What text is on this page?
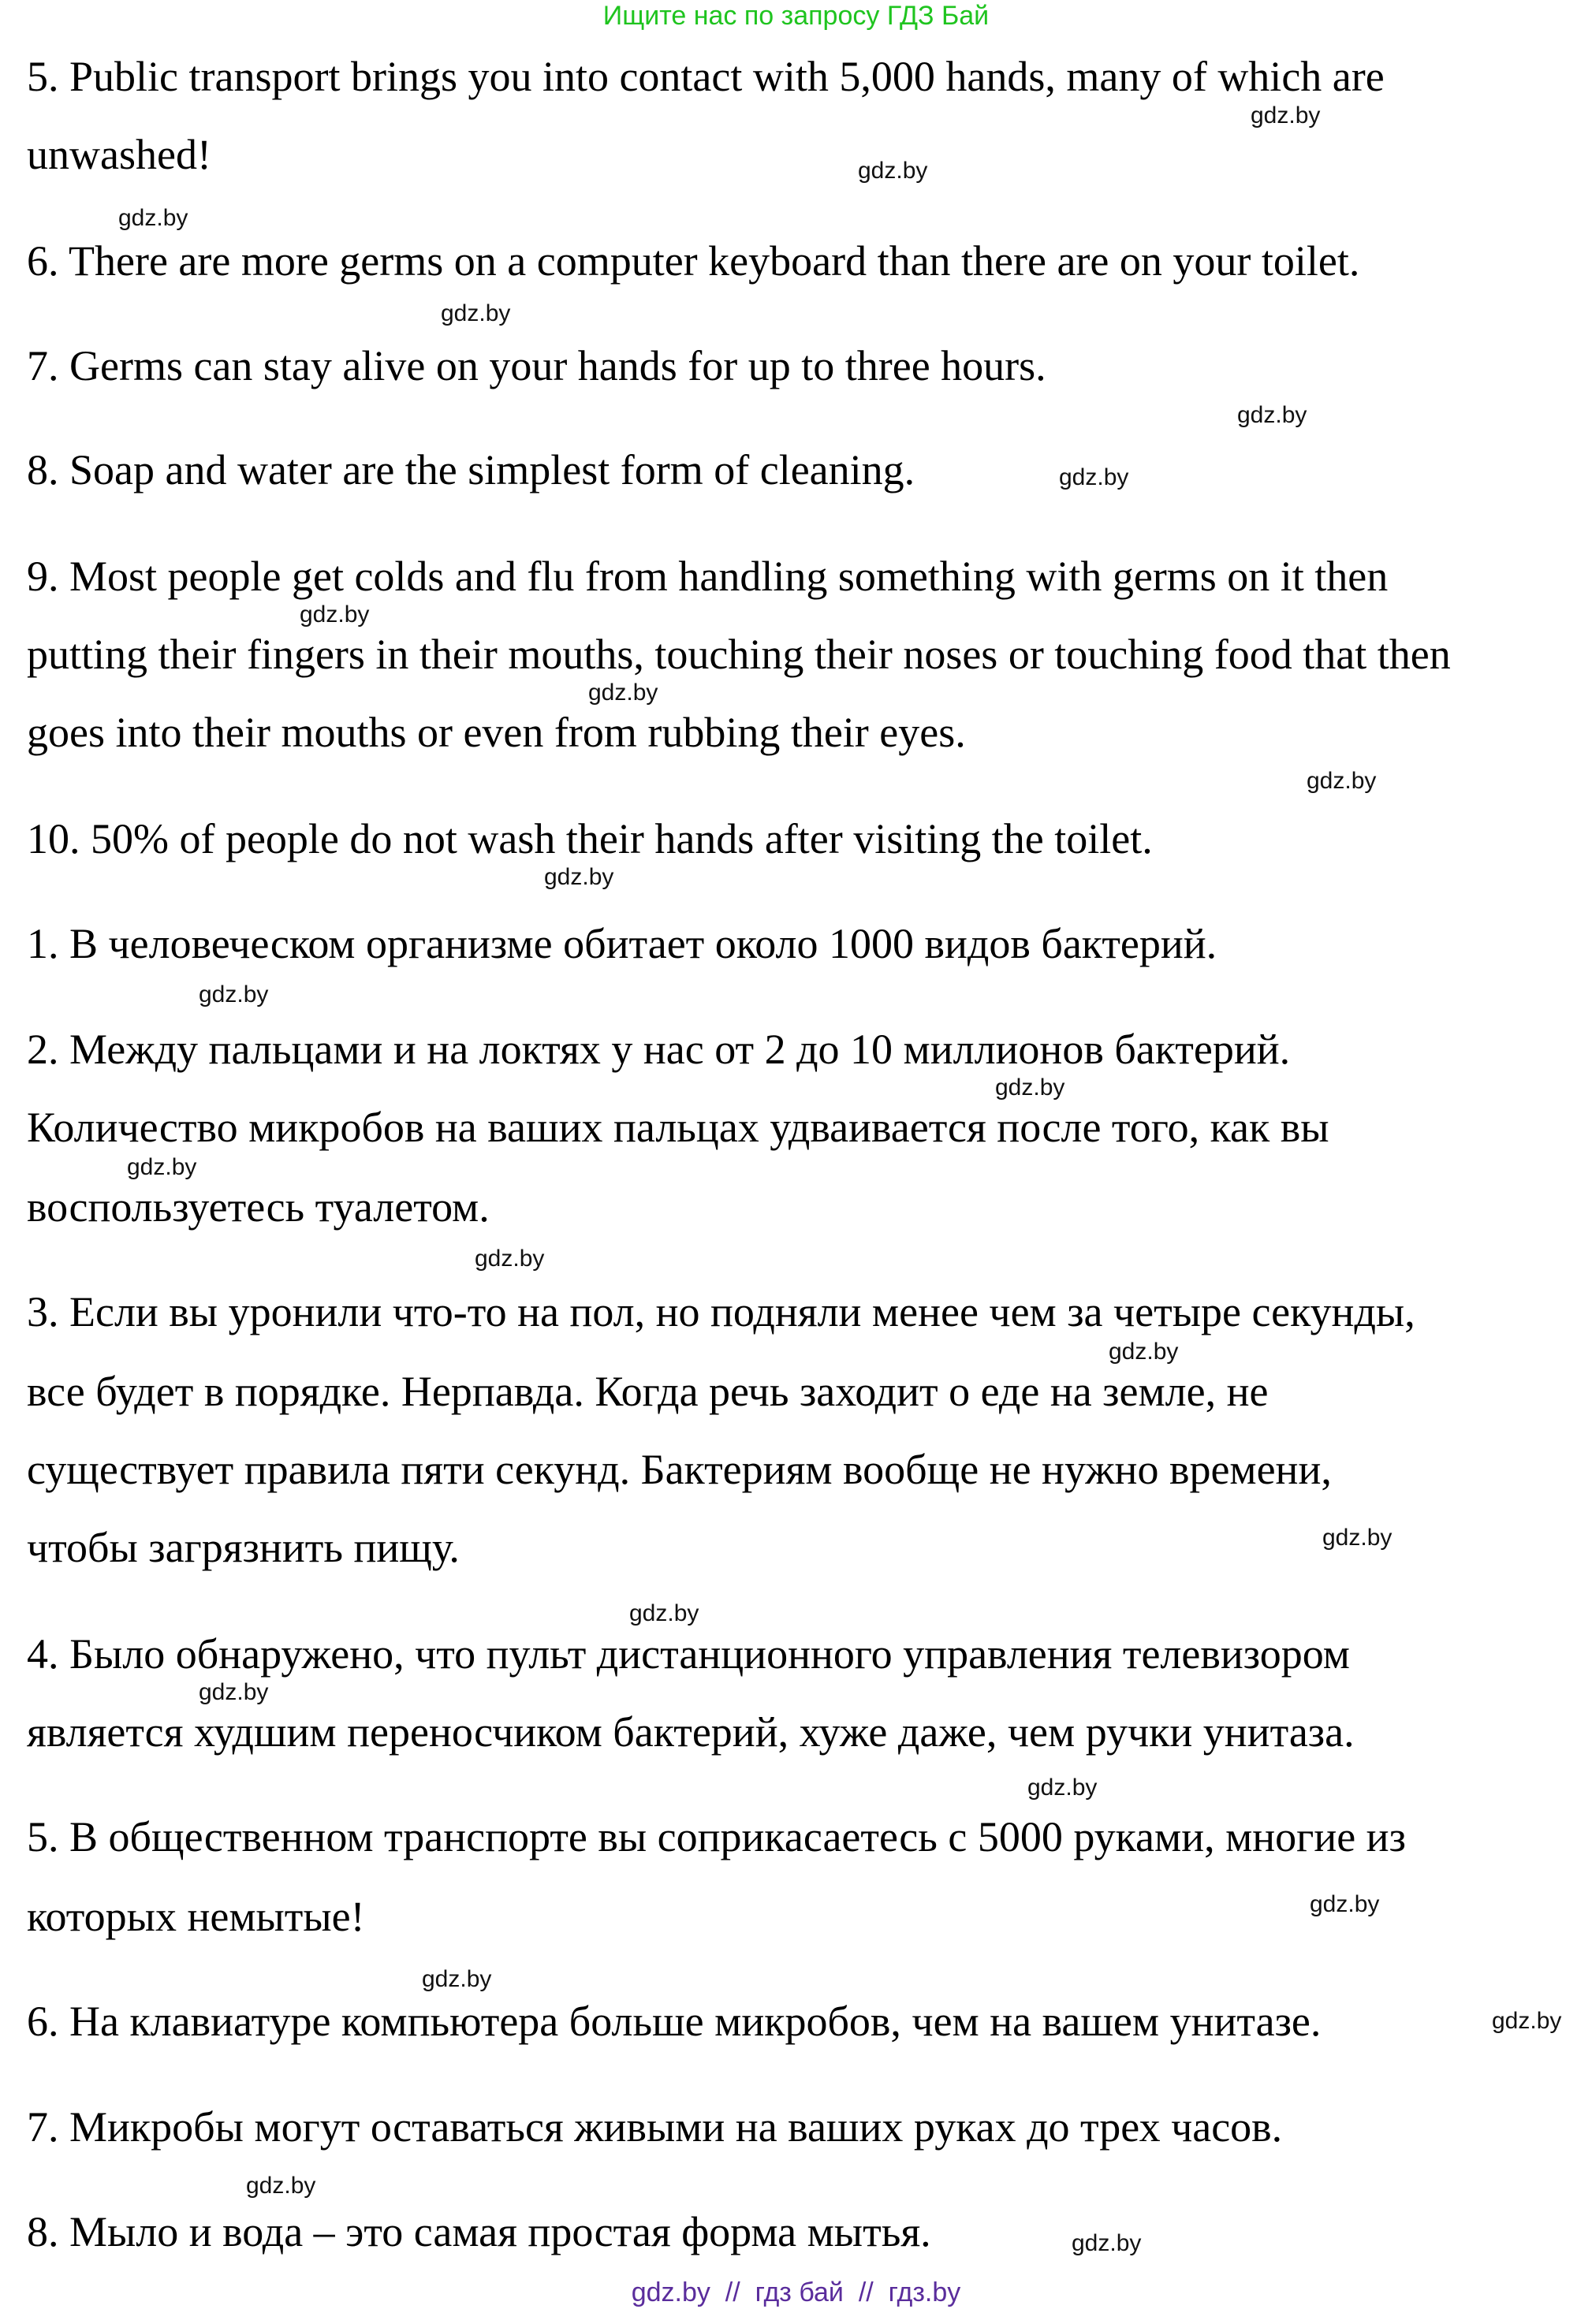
Ищите нас по запросу ГДЗ Бай
5. Public transport brings you into contact with 5,000 hands, many of which are
unwashed!
6. There are more germs on a computer keyboard than there are on your toilet.
7. Germs can stay alive on your hands for up to three hours.
8. Soap and water are the simplest form of cleaning.
9. Most people get colds and flu from handling something with germs on it then
putting their fingers in their mouths, touching their noses or touching food that then
goes into their mouths or even from rubbing their eyes.
10. 50% of people do not wash their hands after visiting the toilet.
1. В человеческом организме обитает около 1000 видов бактерий.
2. Между пальцами и на локтях у нас от 2 до 10 миллионов бактерий.
Количество микробов на ваших пальцах удваивается после того, как вы
воспользуетесь туалетом.
3. Если вы уронили что-то на пол, но подняли менее чем за четыре секунды,
все будет в порядке. Нерпавда. Когда речь заходит о еде на земле, не
существует правила пяти секунд. Бактериям вообще не нужно времени,
чтобы загрязнить пищу.
4. Было обнаружено, что пульт дистанционного управления телевизором
является худшим переносчиком бактерий, хуже даже, чем ручки унитаза.
5. В общественном транспорте вы соприкасаетесь с 5000 руками, многие из
которых немытые!
6. На клавиатуре компьютера больше микробов, чем на вашем унитазе.
7. Микробы могут оставаться живыми на ваших руках до трех часов.
8. Мыло и вода – это самая простая форма мытья.
gdz.by
gdz.by
gdz.by
gdz.by
gdz.by
gdz.by
gdz.by
gdz.by
gdz.by
gdz.by
gdz.by
gdz.by
gdz.by
gdz.by
gdz.by
gdz.by
gdz.by
gdz.by
gdz.by
gdz.by
gdz.by
gdz.by
gdz.by
gdz.by
gdz.by  //  гдз бай  //  гдз.by
